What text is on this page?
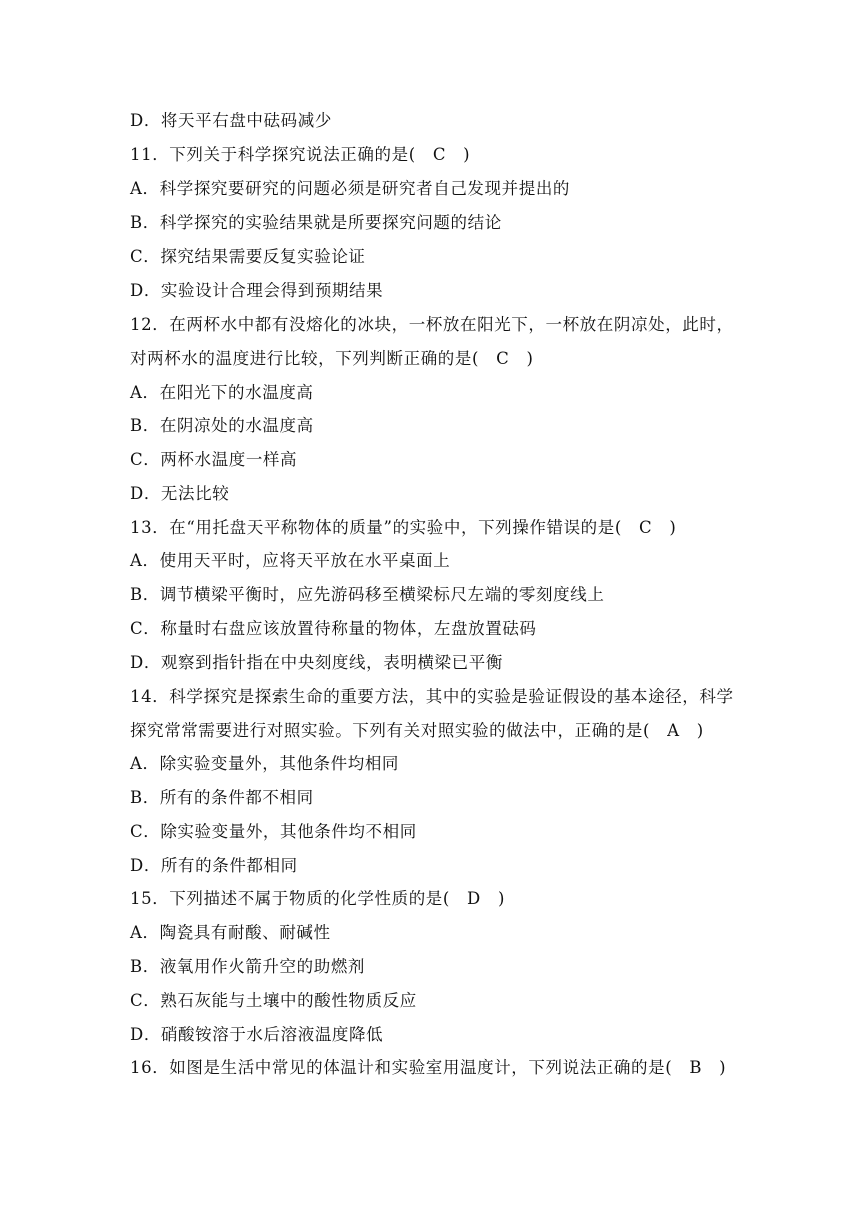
D．将天平右盘中砝码减少
11．下列关于科学探究说法正确的是(　C　)
A．科学探究要研究的问题必须是研究者自己发现并提出的
B．科学探究的实验结果就是所要探究问题的结论
C．探究结果需要反复实验论证
D．实验设计合理会得到预期结果
12．在两杯水中都有没熔化的冰块，一杯放在阳光下，一杯放在阴凉处，此时，
对两杯水的温度进行比较，下列判断正确的是(　C　)
A．在阳光下的水温度高
B．在阴凉处的水温度高
C．两杯水温度一样高
D．无法比较
13．在“用托盘天平称物体的质量”的实验中，下列操作错误的是(　C　)
A．使用天平时，应将天平放在水平桌面上
B．调节横梁平衡时，应先游码移至横梁标尺左端的零刻度线上
C．称量时右盘应该放置待称量的物体，左盘放置砝码
D．观察到指针指在中央刻度线，表明横梁已平衡
14．科学探究是探索生命的重要方法，其中的实验是验证假设的基本途径，科学
探究常常需要进行对照实验。下列有关对照实验的做法中，正确的是(　A　)
A．除实验变量外，其他条件均相同
B．所有的条件都不相同
C．除实验变量外，其他条件均不相同
D．所有的条件都相同
15．下列描述不属于物质的化学性质的是(　D　)
A．陶瓷具有耐酸、耐碱性
B．液氧用作火箭升空的助燃剂
C．熟石灰能与土壤中的酸性物质反应
D．硝酸铵溶于水后溶液温度降低
16．如图是生活中常见的体温计和实验室用温度计，下列说法正确的是(　B　)
